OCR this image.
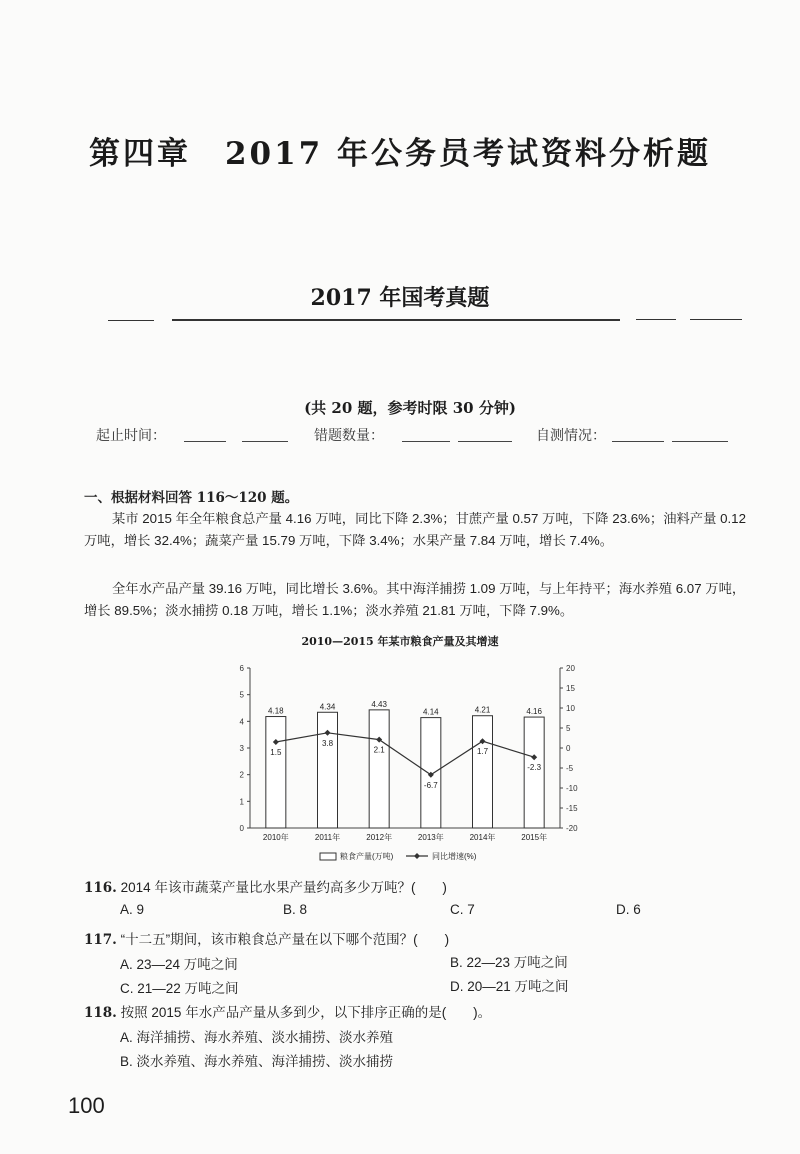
第四章　2017 年公务员考试资料分析题
2017 年国考真题
(共 20 题，参考时限 30 分钟)
起止时间：	错题数量：	自测情况：
一、根据材料回答 116～120 题。
某市 2015 年全年粮食总产量 4.16 万吨，同比下降 2.3%；甘蔗产量 0.57 万吨，下降 23.6%；油料产量 0.12 万吨，增长 32.4%；蔬菜产量 15.79 万吨，下降 3.4%；水果产量 7.84 万吨，增长 7.4%。
全年水产品产量 39.16 万吨，同比增长 3.6%。其中海洋捕捞 1.09 万吨，与上年持平；海水养殖 6.07 万吨，增长 89.5%；淡水捕捞 0.18 万吨，增长 1.1%；淡水养殖 21.81 万吨，下降 7.9%。
2010—2015 年某市粮食产量及其增速
0
1
2
3
4
5
6
-20
-15
-10
-5
0
5
10
15
20
4.18	4.34	4.43
4.14	4.21	4.16
2010年	2011年	2012年	2013年	2014年	2015年
1.5
3.8
2.1
-6.7
1.7
-2.3
粮食产量(万吨)	同比增速(%)
116. 2014 年该市蔬菜产量比水果产量约高多少万吨？(　　)
A. 9	B. 8	C. 7	D. 6
117. “十二五”期间，该市粮食总产量在以下哪个范围？(　　)
A. 23—24 万吨之间	B. 22—23 万吨之间
C. 21—22 万吨之间	D. 20—21 万吨之间
118. 按照 2015 年水产品产量从多到少，以下排序正确的是(　　)。
A. 海洋捕捞、海水养殖、淡水捕捞、淡水养殖
B. 淡水养殖、海水养殖、海洋捕捞、淡水捕捞
100
